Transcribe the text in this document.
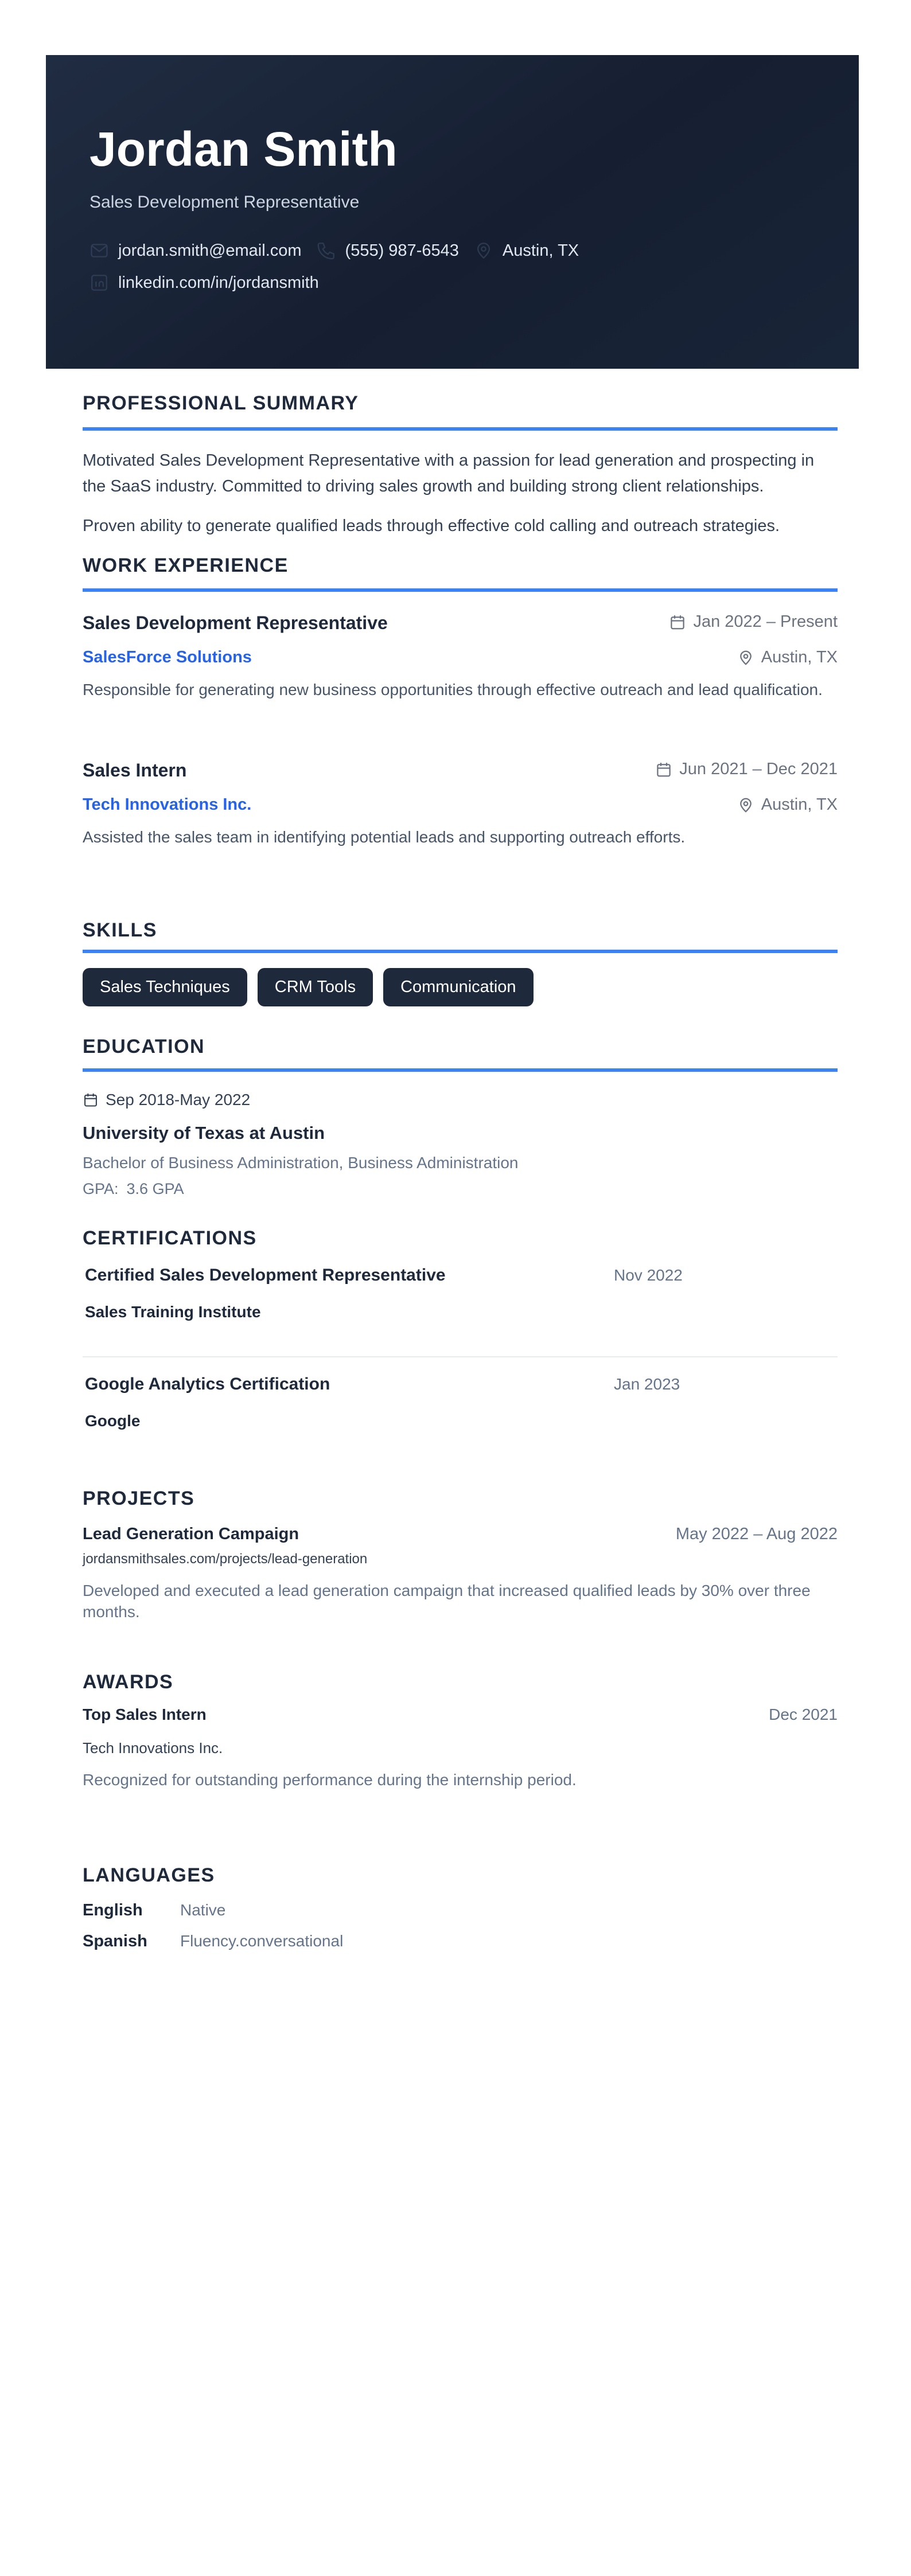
Jordan Smith
Sales Development Representative
jordan.smith@email.com	(555) 987-6543	Austin, TX
linkedin.com/in/jordansmith
PROFESSIONAL SUMMARY

Motivated Sales Development Representative with a passion for lead generation and prospecting in the SaaS industry. Committed to driving sales growth and building strong client relationships.

Proven ability to generate qualified leads through effective cold calling and outreach strategies.

WORK EXPERIENCE
Sales Development Representative	Jan 2022 – Present
SalesForce Solutions	Austin, TX

Responsible for generating new business opportunities through effective outreach and lead qualification.

Sales Intern	Jun 2021 – Dec 2021
Tech Innovations Inc.	Austin, TX

Assisted the sales team in identifying potential leads and supporting outreach efforts.

SKILLS
Sales Techniques	CRM Tools	Communication
EDUCATION
Sep 2018-May 2022
University of Texas at Austin
Bachelor of Business Administration, Business Administration
GPA: 3.6 GPA
CERTIFICATIONS
Certified Sales Development Representative	Nov 2022
Sales Training Institute
Google Analytics Certification	Jan 2023
Google
PROJECTS
Lead Generation Campaign	May 2022 – Aug 2022
jordansmithsales.com/projects/lead-generation

Developed and executed a lead generation campaign that increased qualified leads by 30% over three months.

AWARDS
Top Sales Intern	Dec 2021
Tech Innovations Inc.

Recognized for outstanding performance during the internship period.

LANGUAGES
English	Native
Spanish	Fluency.conversational
